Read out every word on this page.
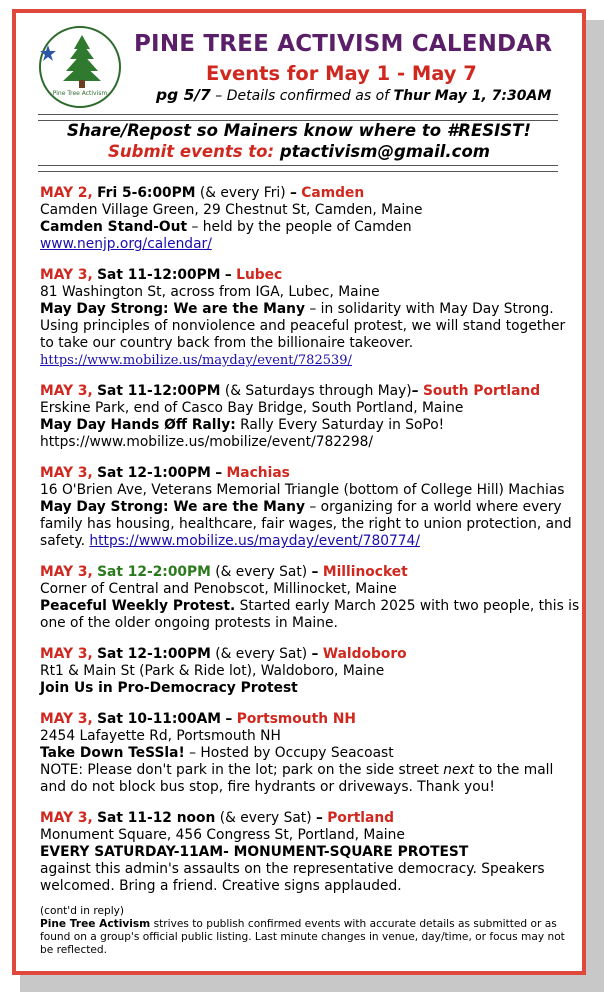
Pine Tree Activism
PINE TREE ACTIVISM CALENDAR
Events for May 1 - May 7
pg 5/7 – Details confirmed as of Thur May 1, 7:30AM
Share/Repost so Mainers know where to #RESIST!
Submit events to: ptactivism@gmail.com

MAY 2, Fri 5-6:00PM (& every Fri) – Camden

Camden Village Green, 29 Chestnut St, Camden, Maine

Camden Stand-Out – held by the people of Camden

www.nenjp.org/calendar/

MAY 3, Sat 11-12:00PM – Lubec

81 Washington St, across from IGA, Lubec, Maine

May Day Strong: We are the Many – in solidarity with May Day Strong. Using principles of nonviolence and peaceful protest, we will stand together to take our country back from the billionaire takeover.

https://www.mobilize.us/mayday/event/782539/

MAY 3, Sat 11-12:00PM (& Saturdays through May)– South Portland

Erskine Park, end of Casco Bay Bridge, South Portland, Maine

May Day Hands Øff Rally: Rally Every Saturday in SoPo!

https://www.mobilize.us/mobilize/event/782298/

MAY 3, Sat 12-1:00PM – Machias

16 O'Brien Ave, Veterans Memorial Triangle (bottom of College Hill) Machias

May Day Strong: We are the Many – organizing for a world where every family has housing, healthcare, fair wages, the right to union protection, and safety. https://www.mobilize.us/mayday/event/780774/

MAY 3, Sat 12-2:00PM (& every Sat) – Millinocket

Corner of Central and Penobscot, Millinocket, Maine

Peaceful Weekly Protest. Started early March 2025 with two people, this is one of the older ongoing protests in Maine.

MAY 3, Sat 12-1:00PM (& every Sat) – Waldoboro

Rt1 & Main St (Park & Ride lot), Waldoboro, Maine

Join Us in Pro-Democracy Protest

MAY 3, Sat 10-11:00AM – Portsmouth NH

2454 Lafayette Rd, Portsmouth NH

Take Down TeSSla! – Hosted by Occupy Seacoast

NOTE: Please don't park in the lot; park on the side street next to the mall and do not block bus stop, fire hydrants or driveways. Thank you!

MAY 3, Sat 11-12 noon (& every Sat) – Portland

Monument Square, 456 Congress St, Portland, Maine

EVERY SATURDAY-11AM- MONUMENT-SQUARE PROTEST

against this admin's assaults on the representative democracy. Speakers welcomed. Bring a friend. Creative signs applauded.

(cont'd in reply)

Pine Tree Activism strives to publish confirmed events with accurate details as submitted or as found on a group's official public listing. Last minute changes in venue, day/time, or focus may not be reflected.
